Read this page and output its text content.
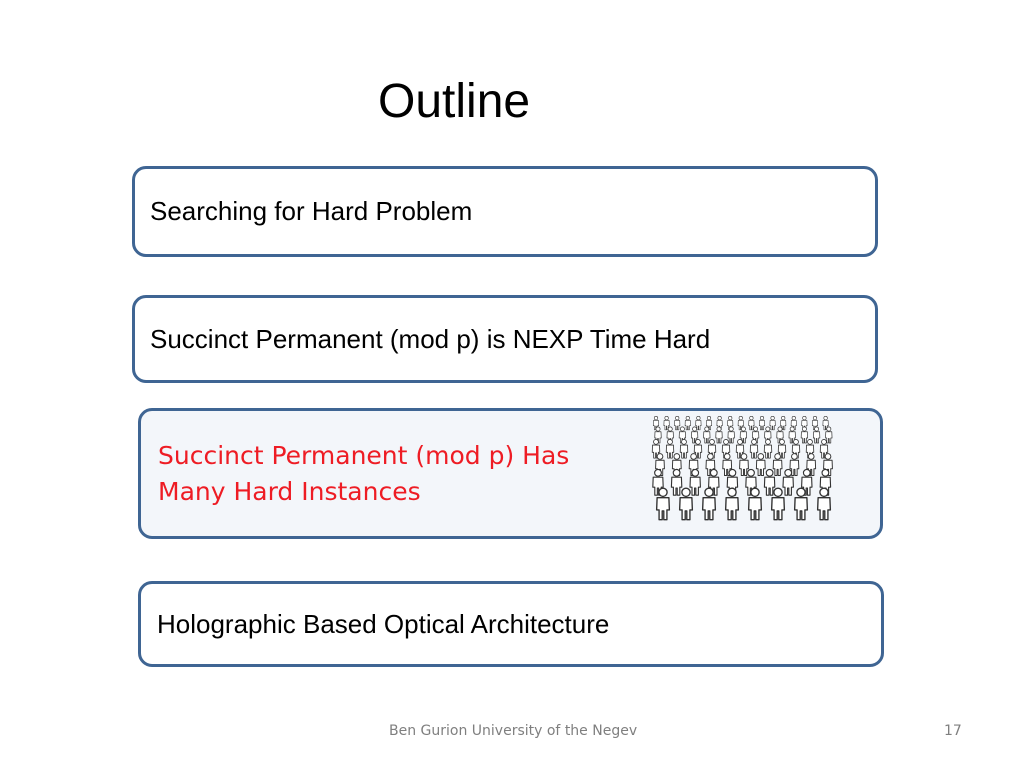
Outline
Searching for Hard Problem
Succinct Permanent (mod p) is NEXP Time Hard
Succinct Permanent (mod p) Has
Many Hard Instances
Holographic Based Optical Architecture
Ben Gurion University of the Negev	17
